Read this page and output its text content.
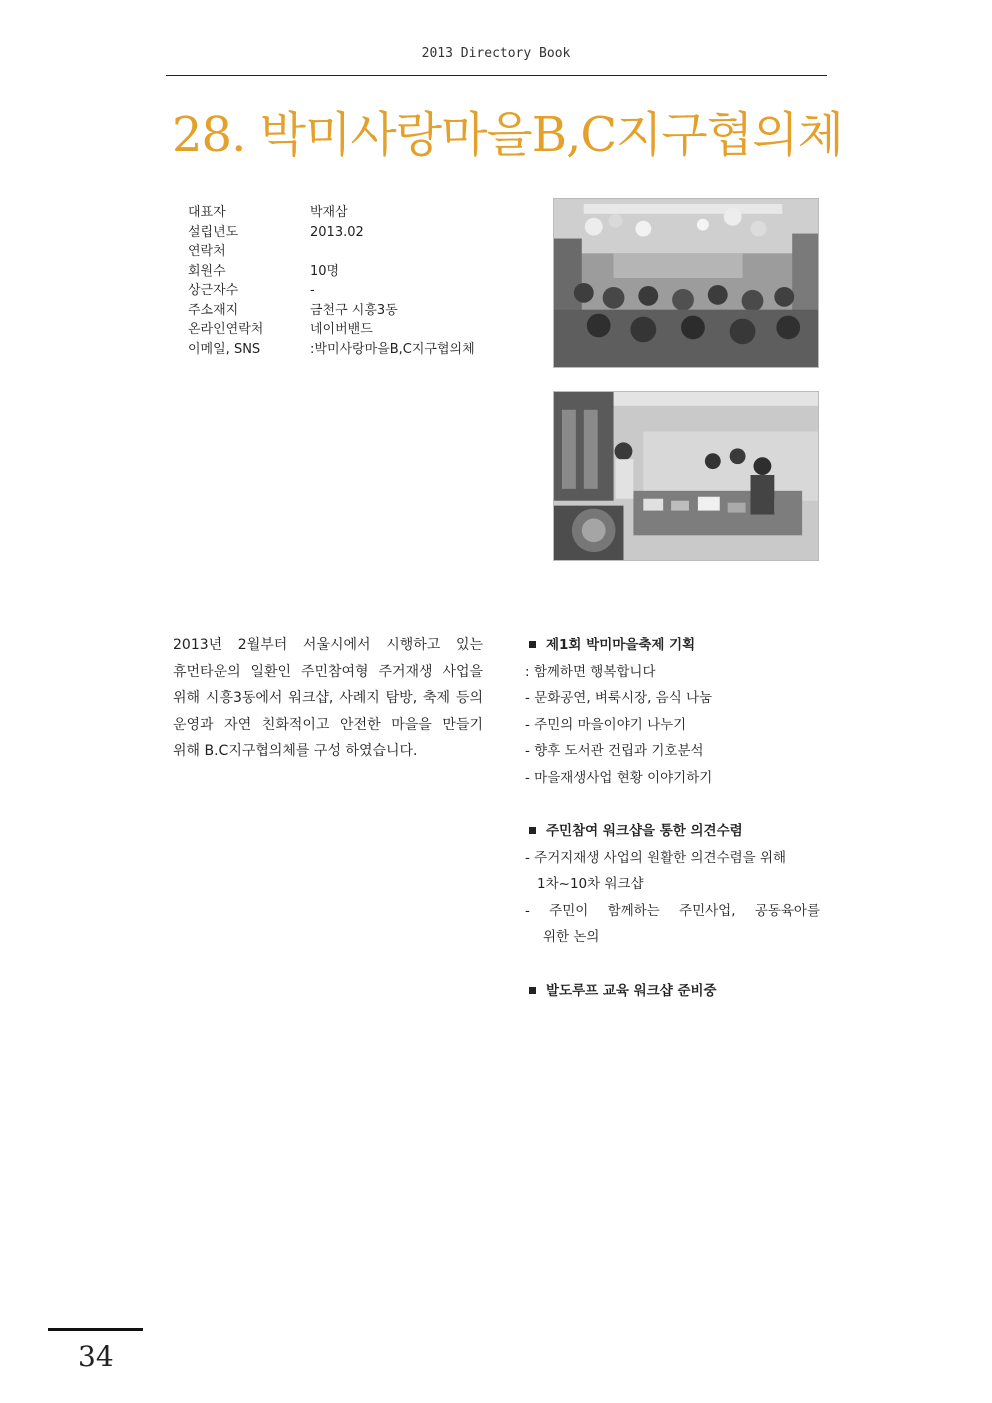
2013 Directory Book
28. 박미사랑마을B,C지구협의체
대표자	박재삼
설립년도	2013.02
연락처
회원수	10명
상근자수	-
주소재지	금천구 시흥3동
온라인연락처	네이버밴드
이메일, SNS	:박미사랑마을B,C지구협의체
2013년 2월부터 서울시에서 시행하고 있는 휴먼타운의 일환인 주민참여형 주거재생 사업을 위해 시흥3동에서 워크샵, 사례지 탐방, 축제 등의 운영과 자연 친화적이고 안전한 마을을 만들기 위해 B.C지구협의체를 구성 하였습니다.
제1회 박미마을축제 기획
: 함께하면 행복합니다
- 문화공연, 벼룩시장, 음식 나눔
- 주민의 마을이야기 나누기
- 향후 도서관 건립과 기호분석
- 마을재생사업 현황 이야기하기
주민참여 워크샵을 통한 의견수렴
- 주거지재생 사업의 원활한 의견수렴을 위해
1차~10차 워크샵
- 주민이 함께하는 주민사업, 공동육아를
위한 논의
발도루프 교육 워크샵 준비중
34
